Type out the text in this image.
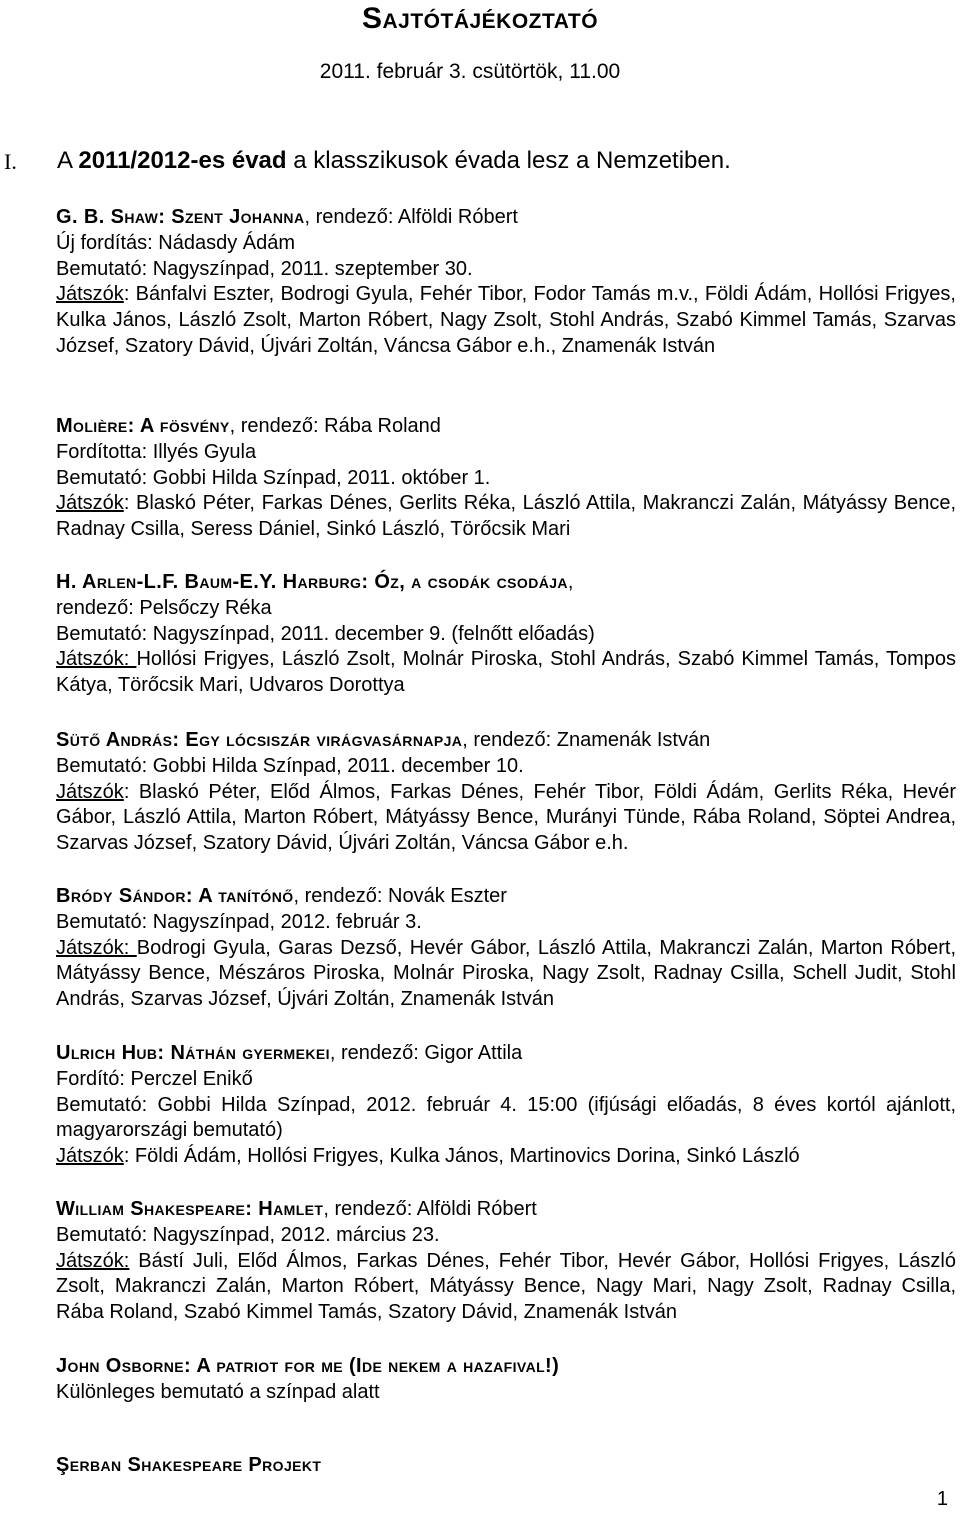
Sajtótájékoztató
2011. február 3. csütörtök, 11.00
I. A 2011/2012-es évad a klasszikusok évada lesz a Nemzetiben.

G. B. Shaw: Szent Johanna, rendező: Alföldi Róbert

Új fordítás: Nádasdy Ádám

Bemutató: Nagyszínpad, 2011. szeptember 30.

Játszók: Bánfalvi Eszter, Bodrogi Gyula, Fehér Tibor, Fodor Tamás m.v., Földi Ádám, Hollósi Frigyes, Kulka János, László Zsolt, Marton Róbert, Nagy Zsolt, Stohl András, Szabó Kimmel Tamás, Szarvas József, Szatory Dávid, Újvári Zoltán, Váncsa Gábor e.h., Znamenák István

Molière: A fösvény, rendező: Rába Roland

Fordította: Illyés Gyula

Bemutató: Gobbi Hilda Színpad, 2011. október 1.

Játszók: Blaskó Péter, Farkas Dénes, Gerlits Réka, László Attila, Makranczi Zalán, Mátyássy Bence, Radnay Csilla, Seress Dániel, Sinkó László, Törőcsik Mari

H. Arlen-L.F. Baum-E.Y. Harburg: Óz, a csodák csodája,

rendező: Pelsőczy Réka

Bemutató: Nagyszínpad, 2011. december 9. (felnőtt előadás)

Játszók: Hollósi Frigyes, László Zsolt, Molnár Piroska, Stohl András, Szabó Kimmel Tamás, Tompos Kátya, Törőcsik Mari, Udvaros Dorottya

Sütő András: Egy lócsiszár virágvasárnapja, rendező: Znamenák István

Bemutató: Gobbi Hilda Színpad, 2011. december 10.

Játszók: Blaskó Péter, Előd Álmos, Farkas Dénes, Fehér Tibor, Földi Ádám, Gerlits Réka, Hevér Gábor, László Attila, Marton Róbert, Mátyássy Bence, Murányi Tünde, Rába Roland, Söptei Andrea, Szarvas József, Szatory Dávid, Újvári Zoltán, Váncsa Gábor e.h.

Bródy Sándor: A tanítónő, rendező: Novák Eszter

Bemutató: Nagyszínpad, 2012. február 3.

Játszók: Bodrogi Gyula, Garas Dezső, Hevér Gábor, László Attila, Makranczi Zalán, Marton Róbert, Mátyássy Bence, Mészáros Piroska, Molnár Piroska, Nagy Zsolt, Radnay Csilla, Schell Judit, Stohl András, Szarvas József, Újvári Zoltán, Znamenák István

Ulrich Hub: Náthán gyermekei, rendező: Gigor Attila

Fordító: Perczel Enikő

Bemutató: Gobbi Hilda Színpad, 2012. február 4. 15:00 (ifjúsági előadás, 8 éves kortól ajánlott, magyarországi bemutató)

Játszók: Földi Ádám, Hollósi Frigyes, Kulka János, Martinovics Dorina, Sinkó László

William Shakespeare: Hamlet, rendező: Alföldi Róbert

Bemutató: Nagyszínpad, 2012. március 23.

Játszók: Bástí Juli, Előd Álmos, Farkas Dénes, Fehér Tibor, Hevér Gábor, Hollósi Frigyes, László Zsolt, Makranczi Zalán, Marton Róbert, Mátyássy Bence, Nagy Mari, Nagy Zsolt, Radnay Csilla, Rába Roland, Szabó Kimmel Tamás, Szatory Dávid, Znamenák István

John Osborne: A patriot for me (Ide nekem a hazafival!)

Különleges bemutató a színpad alatt

Şerban Shakespeare Projekt

1
